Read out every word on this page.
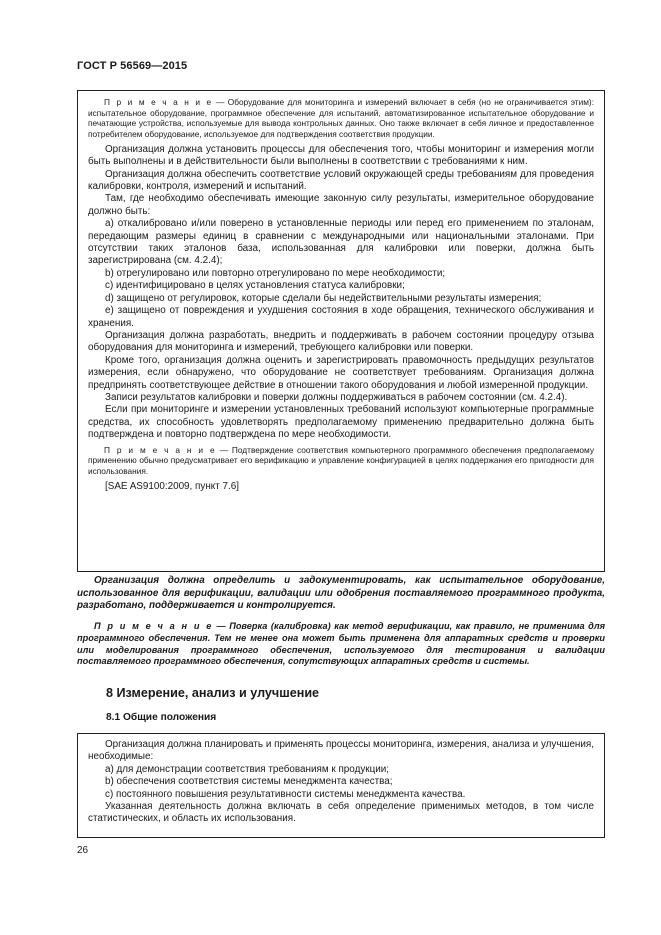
ГОСТ Р 56569—2015

П р и м е ч а н и е — Оборудование для мониторинга и измерений включает в себя (но не ограничивается этим): испытательное оборудование, программное обеспечение для испытаний, автоматизированное испытательное оборудование и печатающие устройства, используемые для вывода контрольных данных. Оно также включает в себя личное и предоставленное потребителем оборудование, используемое для подтверждения соответствия продукции.

Организация должна установить процессы для обеспечения того, чтобы мониторинг и измерения могли быть выполнены и в действительности были выполнены в соответствии с требованиями к ним.

Организация должна обеспечить соответствие условий окружающей среды требованиям для проведения калибровки, контроля, измерений и испытаний.

Там, где необходимо обеспечивать имеющие законную силу результаты, измерительное оборудование должно быть:

a) откалибровано и/или поверено в установленные периоды или перед его применением по эталонам, передающим размеры единиц в сравнении с международными или национальными эталонами. При отсутствии таких эталонов база, использованная для калибровки или поверки, должна быть зарегистрирована (см. 4.2.4);

b) отрегулировано или повторно отрегулировано по мере необходимости;

c) идентифицировано в целях установления статуса калибровки;

d) защищено от регулировок, которые сделали бы недействительными результаты измерения;

e) защищено от повреждения и ухудшения состояния в ходе обращения, технического обслуживания и хранения.

Организация должна разработать, внедрить и поддерживать в рабочем состоянии процедуру отзыва оборудования для мониторинга и измерений, требующего калибровки или поверки.

Кроме того, организация должна оценить и зарегистрировать правомочность предыдущих результатов измерения, если обнаружено, что оборудование не соответствует требованиям. Организация должна предпринять соответствующее действие в отношении такого оборудования и любой измеренной продукции.

Записи результатов калибровки и поверки должны поддерживаться в рабочем состоянии (см. 4.2.4).

Если при мониторинге и измерении установленных требований используют компьютерные программные средства, их способность удовлетворять предполагаемому применению предварительно должна быть подтверждена и повторно подтверждена по мере необходимости.

П р и м е ч а н и е — Подтверждение соответствия компьютерного программного обеспечения предполагаемому применению обычно предусматривает его верификацию и управление конфигурацией в целях поддержания его пригодности для использования.

[SAE AS9100:2009, пункт 7.6]

Организация должна определить и задокументировать, как испытательное оборудование, использованное для верификации, валидации или одобрения поставляемого программного продукта, разработано, поддерживается и контролируется.

П р и м е ч а н и е — Поверка (калибровка) как метод верификации, как правило, не применима для программного обеспечения. Тем не менее она может быть применена для аппаратных средств и проверки или моделирования программного обеспечения, используемого для тестирования и валидации поставляемого программного обеспечения, сопутствующих аппаратных средств и системы.

8 Измерение, анализ и улучшение
8.1 Общие положения

Организация должна планировать и применять процессы мониторинга, измерения, анализа и улучшения, необходимые:

a) для демонстрации соответствия требованиям к продукции;

b) обеспечения соответствия системы менеджмента качества;

c) постоянного повышения результативности системы менеджмента качества.

Указанная деятельность должна включать в себя определение применимых методов, в том числе статистических, и область их использования.

26
